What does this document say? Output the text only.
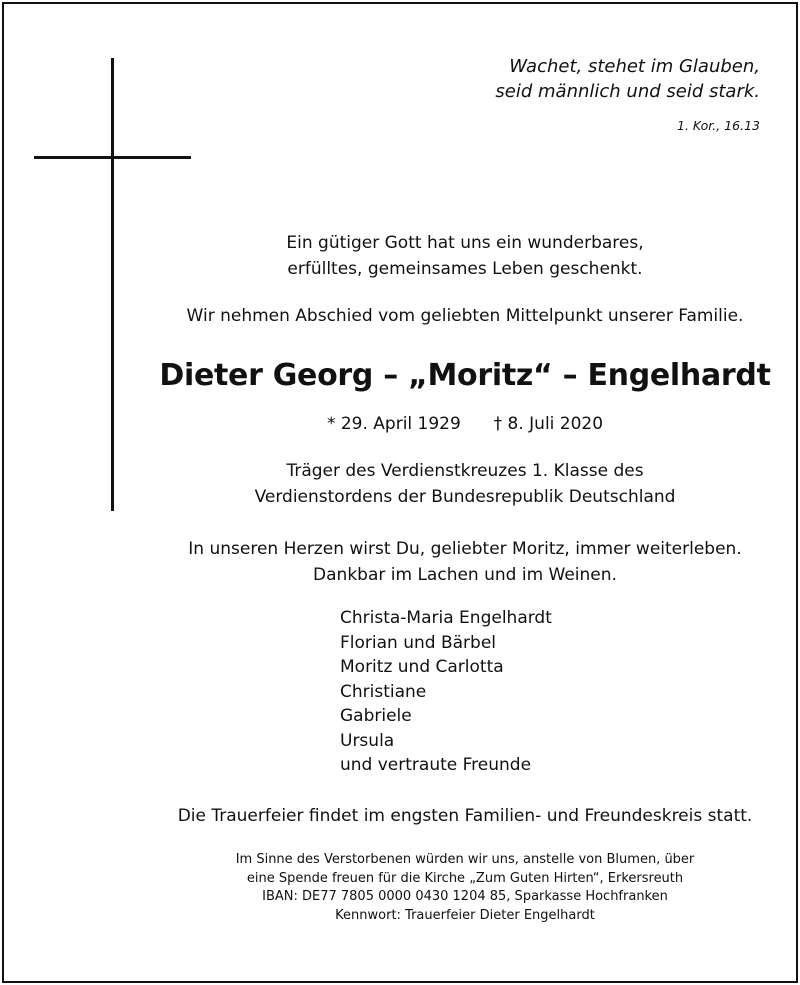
Wachet, stehet im Glauben,
seid männlich und seid stark.
1. Kor., 16.13
Ein gütiger Gott hat uns ein wunderbares,
erfülltes, gemeinsames Leben geschenkt.
Wir nehmen Abschied vom geliebten Mittelpunkt unserer Familie.
Dieter Georg – „Moritz“ – Engelhardt
* 29. April 1929 † 8. Juli 2020
Träger des Verdienstkreuzes 1. Klasse des
Verdienstordens der Bundesrepublik Deutschland
In unseren Herzen wirst Du, geliebter Moritz, immer weiterleben.
Dankbar im Lachen und im Weinen.
Christa-Maria Engelhardt
Florian und Bärbel
Moritz und Carlotta
Christiane
Gabriele
Ursula
und vertraute Freunde
Die Trauerfeier findet im engsten Familien- und Freundeskreis statt.
Im Sinne des Verstorbenen würden wir uns, anstelle von Blumen, über
eine Spende freuen für die Kirche „Zum Guten Hirten“, Erkersreuth
IBAN: DE77 7805 0000 0430 1204 85, Sparkasse Hochfranken
Kennwort: Trauerfeier Dieter Engelhardt
